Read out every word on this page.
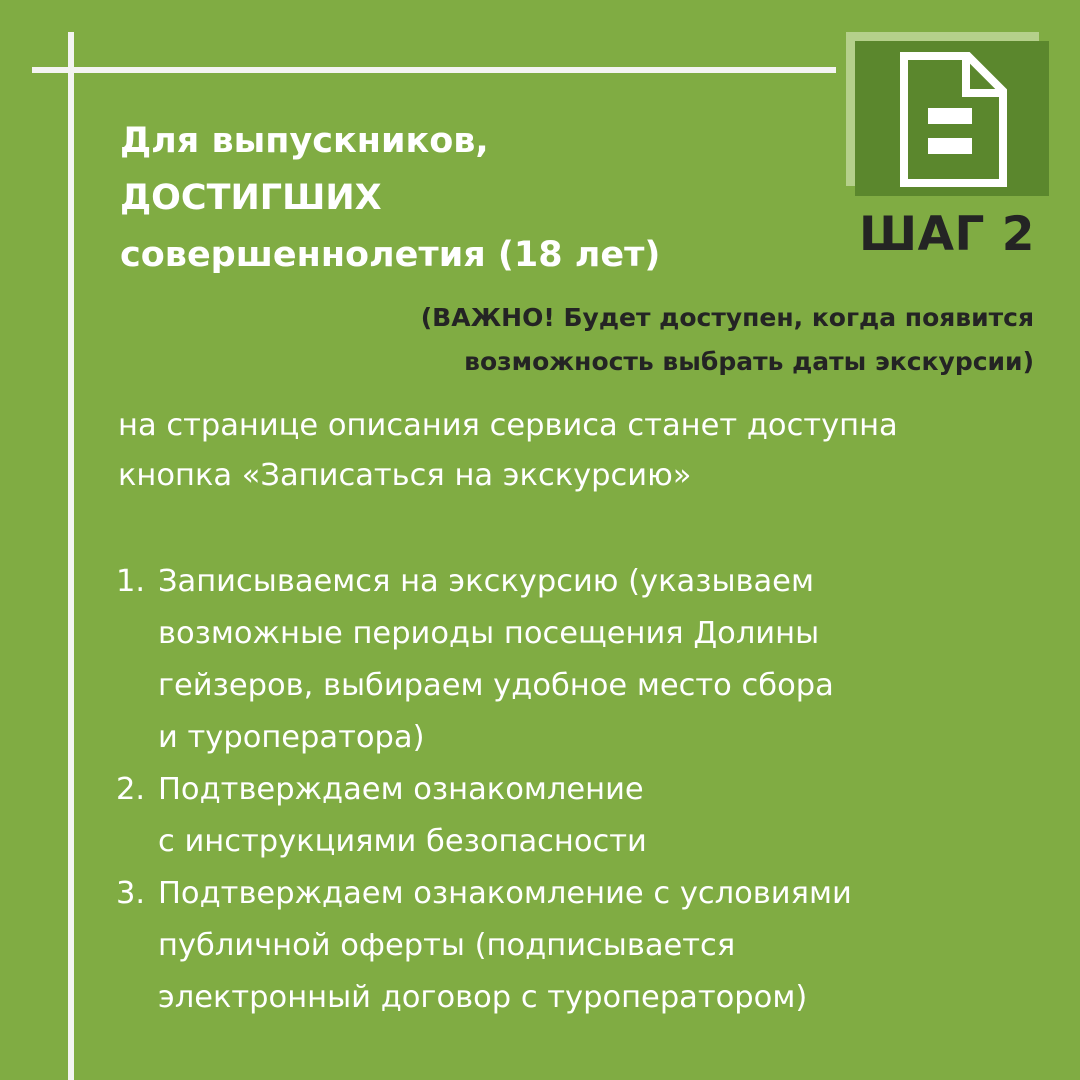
ШАГ 2
Для выпускников,
ДОСТИГШИХ
совершеннолетия (18 лет)

(ВАЖНО! Будет доступен, когда появится
возможность выбрать даты экскурсии)

на странице описания сервиса станет доступна
кнопка «Записаться на экскурсию»

1. Записываемся на экскурсию (указываем
возможные периоды посещения Долины
гейзеров, выбираем удобное место сбора
и туроператора)
2. Подтверждаем ознакомление
с инструкциями безопасности
3. Подтверждаем ознакомление с условиями
публичной оферты (подписывается
электронный договор с туроператором)
